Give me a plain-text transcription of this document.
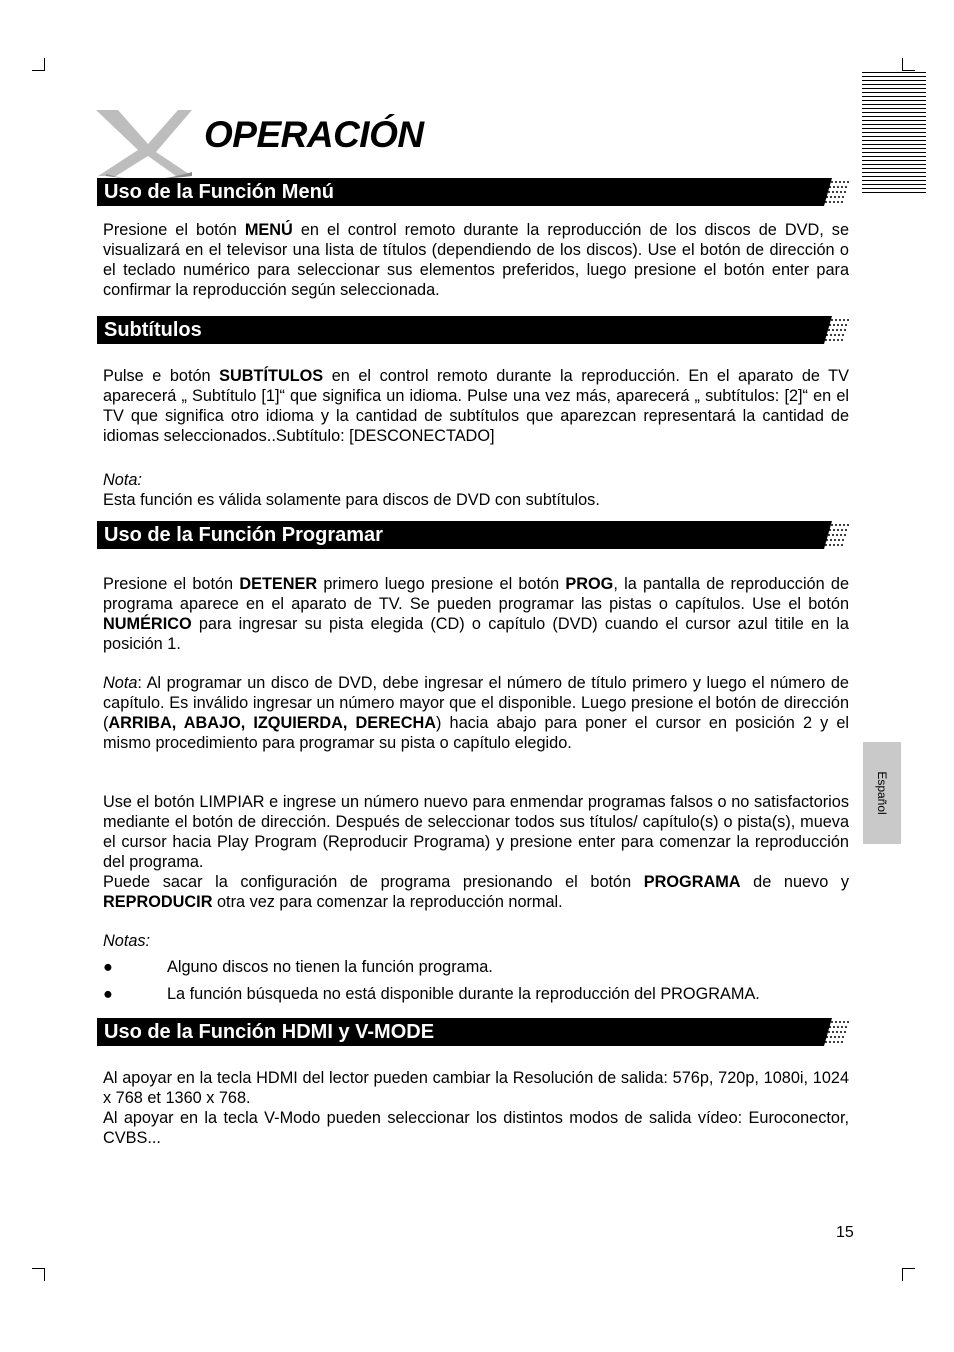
OPERACIÓN
Uso de la Función Menú

Presione el botón MENÚ en el control remoto durante la reproducción de los discos de DVD, se visualizará en el televisor una lista de títulos (dependiendo de los discos). Use el botón de dirección o el teclado numérico para seleccionar sus elementos preferidos, luego presione el botón enter para confirmar la reproducción según seleccionada.

Subtítulos

Pulse e botón SUBTÍTULOS en el control remoto durante la reproducción. En el aparato de TV aparecerá „ Subtítulo [1]“ que significa un idioma. Pulse una vez más, aparecerá „ subtítulos: [2]“ en el TV que significa otro idioma y la cantidad de subtítulos que aparezcan representará la cantidad de idiomas seleccionados..Subtítulo: [DESCONECTADO]

Nota:

Esta función es válida solamente para discos de DVD con subtítulos.

Uso de la Función Programar

Presione el botón DETENER primero luego presione el botón PROG, la pantalla de reproducción de programa aparece en el aparato de TV. Se pueden programar las pistas o capítulos. Use el botón NUMÉRICO para ingresar su pista elegida (CD) o capítulo (DVD) cuando el cursor azul titile en la posición 1.

Nota: Al programar un disco de DVD, debe ingresar el número de título primero y luego el número de capítulo. Es inválido ingresar un número mayor que el disponible. Luego presione el botón de dirección (ARRIBA, ABAJO, IZQUIERDA, DERECHA) hacia abajo para poner el cursor en posición 2 y el mismo procedimiento para programar su pista o capítulo elegido.

Use el botón LIMPIAR e ingrese un número nuevo para enmendar programas falsos o no satisfactorios mediante el botón de dirección. Después de seleccionar todos sus títulos/ capítulo(s) o pista(s), mueva el cursor hacia Play Program (Reproducir Programa) y presione enter para comenzar la reproducción del programa.

Puede sacar la configuración de programa presionando el botón PROGRAMA de nuevo y REPRODUCIR otra vez para comenzar la reproducción normal.

Notas:

●	Alguno discos no tienen la función programa.
●	La función búsqueda no está disponible durante la reproducción del PROGRAMA.
Uso de la Función HDMI y V-MODE

Al apoyar en la tecla HDMI del lector pueden cambiar la Resolución de salida: 576p, 720p, 1080i, 1024 x 768 et 1360 x 768.

Al apoyar en la tecla V-Modo pueden seleccionar los distintos modos de salida vídeo: Euroconector, CVBS...

Español
15
